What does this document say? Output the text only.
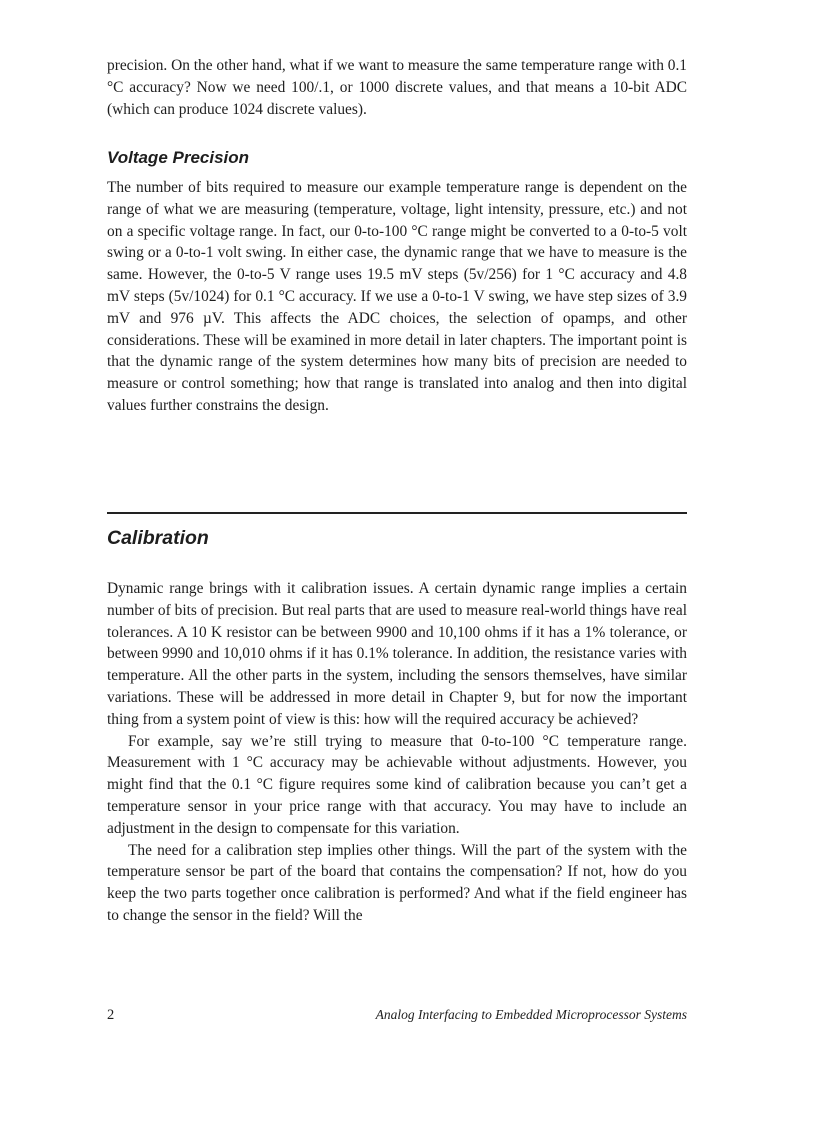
precision. On the other hand, what if we want to measure the same temperature range with 0.1 °C accuracy? Now we need 100/.1, or 1000 discrete values, and that means a 10-bit ADC (which can produce 1024 discrete values).

Voltage Precision

The number of bits required to measure our example temperature range is dependent on the range of what we are measuring (temperature, voltage, light intensity, pressure, etc.) and not on a specific voltage range. In fact, our 0-to-100 °C range might be converted to a 0-to-5 volt swing or a 0-to-1 volt swing. In either case, the dynamic range that we have to measure is the same. However, the 0-to-5 V range uses 19.5 mV steps (5v/256) for 1 °C accuracy and 4.8 mV steps (5v/1024) for 0.1 °C accuracy. If we use a 0-to-1 V swing, we have step sizes of 3.9 mV and 976 µV. This affects the ADC choices, the selection of opamps, and other considerations. These will be examined in more detail in later chapters. The important point is that the dynamic range of the system determines how many bits of precision are needed to measure or control something; how that range is translated into analog and then into digital values further constrains the design.

Calibration

Dynamic range brings with it calibration issues. A certain dynamic range implies a certain number of bits of precision. But real parts that are used to measure real-world things have real tolerances. A 10 K resistor can be between 9900 and 10,100 ohms if it has a 1% tolerance, or between 9990 and 10,010 ohms if it has 0.1% tolerance. In addition, the resistance varies with temperature. All the other parts in the system, including the sensors themselves, have similar variations. These will be addressed in more detail in Chapter 9, but for now the important thing from a system point of view is this: how will the required accuracy be achieved?

For example, say we’re still trying to measure that 0-to-100 °C temperature range. Measurement with 1 °C accuracy may be achievable without adjustments. However, you might find that the 0.1 °C figure requires some kind of calibration because you can’t get a temperature sensor in your price range with that accuracy. You may have to include an adjustment in the design to compensate for this variation.

The need for a calibration step implies other things. Will the part of the system with the temperature sensor be part of the board that contains the compensation? If not, how do you keep the two parts together once calibration is performed? And what if the field engineer has to change the sensor in the field? Will the

2	Analog Interfacing to Embedded Microprocessor Systems
